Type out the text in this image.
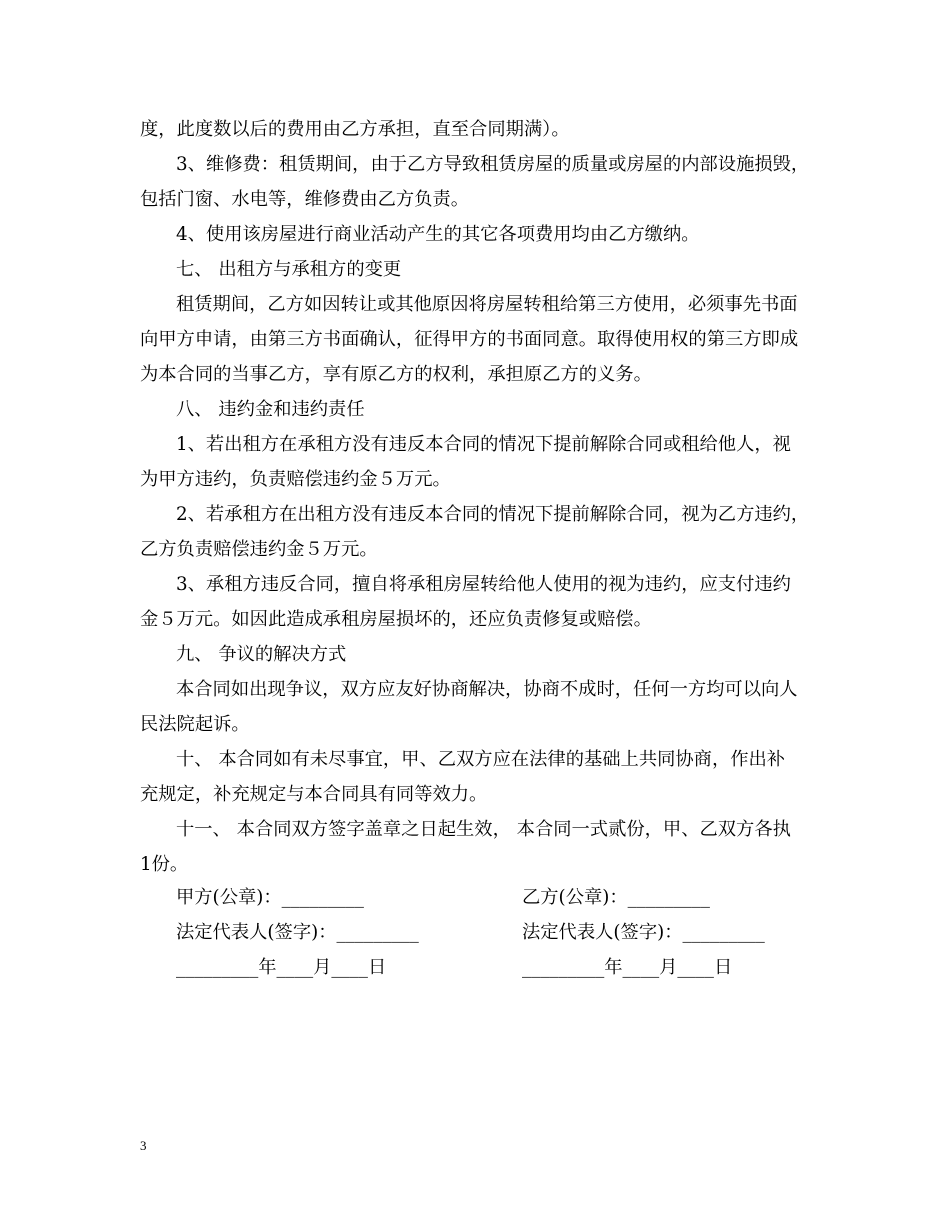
度，此度数以后的费用由乙方承担，直至合同期满）。
3、维修费：租赁期间，由于乙方导致租赁房屋的质量或房屋的内部设施损毁，
包括门窗、水电等，维修费由乙方负责。
4、使用该房屋进行商业活动产生的其它各项费用均由乙方缴纳。
七、 出租方与承租方的变更
租赁期间，乙方如因转让或其他原因将房屋转租给第三方使用，必须事先书面
向甲方申请，由第三方书面确认，征得甲方的书面同意。取得使用权的第三方即成
为本合同的当事乙方，享有原乙方的权利，承担原乙方的义务。
八、 违约金和违约责任
1、若出租方在承租方没有违反本合同的情况下提前解除合同或租给他人，视
为甲方违约，负责赔偿违约金５万元。
2、若承租方在出租方没有违反本合同的情况下提前解除合同，视为乙方违约，
乙方负责赔偿违约金５万元。
3、承租方违反合同，擅自将承租房屋转给他人使用的视为违约，应支付违约
金５万元。如因此造成承租房屋损坏的，还应负责修复或赔偿。
九、 争议的解决方式
本合同如出现争议，双方应友好协商解决，协商不成时，任何一方均可以向人
民法院起诉。
十、 本合同如有未尽事宜，甲、乙双方应在法律的基础上共同协商，作出补
充规定，补充规定与本合同具有同等效力。
十一、 本合同双方签字盖章之日起生效， 本合同一式贰份，甲、乙双方各执
1份。
甲方(公章)：_________	乙方(公章)：_________
法定代表人(签字)：_________	法定代表人(签字)：_________
_________年____月____日	_________年____月____日
3
